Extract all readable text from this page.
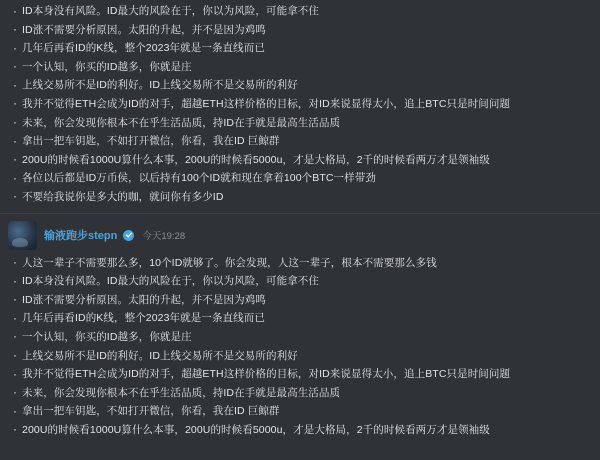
· ID本身没有风险。ID最大的风险在于，你以为风险，可能拿不住

· ID涨不需要分析原因。太阳的升起，并不是因为鸡鸣

· 几年后再看ID的K线，整个2023年就是一条直线而已

· 一个认知，你买的ID越多，你就是庄

· 上线交易所不是ID的利好。ID上线交易所不是交易所的利好

· 我并不觉得ETH会成为ID的对手，超越ETH这样价格的目标，对ID来说显得太小，追上BTC只是时间问题

· 未来，你会发现你根本不在乎生活品质，持ID在手就是最高生活品质

· 拿出一把车钥匙，不如打开微信，你看，我在ID 巨鲸群

· 200U的时候看1000U算什么本事，200U的时候看5000u，才是大格局，2千的时候看两万才是领袖级

· 各位以后都是ID万币侯，以后持有100个ID就和现在拿着100个BTC一样带劲

· 不要给我说你是多大的咖，就问你有多少ID

输液跑步stepn	今天19:28

· 人这一辈子不需要那么多，10个ID就够了。你会发现，人这一辈子，根本不需要那么多钱

· ID本身没有风险。ID最大的风险在于，你以为风险，可能拿不住

· ID涨不需要分析原因。太阳的升起，并不是因为鸡鸣

· 几年后再看ID的K线，整个2023年就是一条直线而已

· 一个认知，你买的ID越多，你就是庄

· 上线交易所不是ID的利好。ID上线交易所不是交易所的利好

· 我并不觉得ETH会成为ID的对手，超越ETH这样价格的目标，对ID来说显得太小，追上BTC只是时间问题

· 未来，你会发现你根本不在乎生活品质，持ID在手就是最高生活品质

· 拿出一把车钥匙，不如打开微信，你看，我在ID 巨鲸群

· 200U的时候看1000U算什么本事，200U的时候看5000u，才是大格局，2千的时候看两万才是领袖级
